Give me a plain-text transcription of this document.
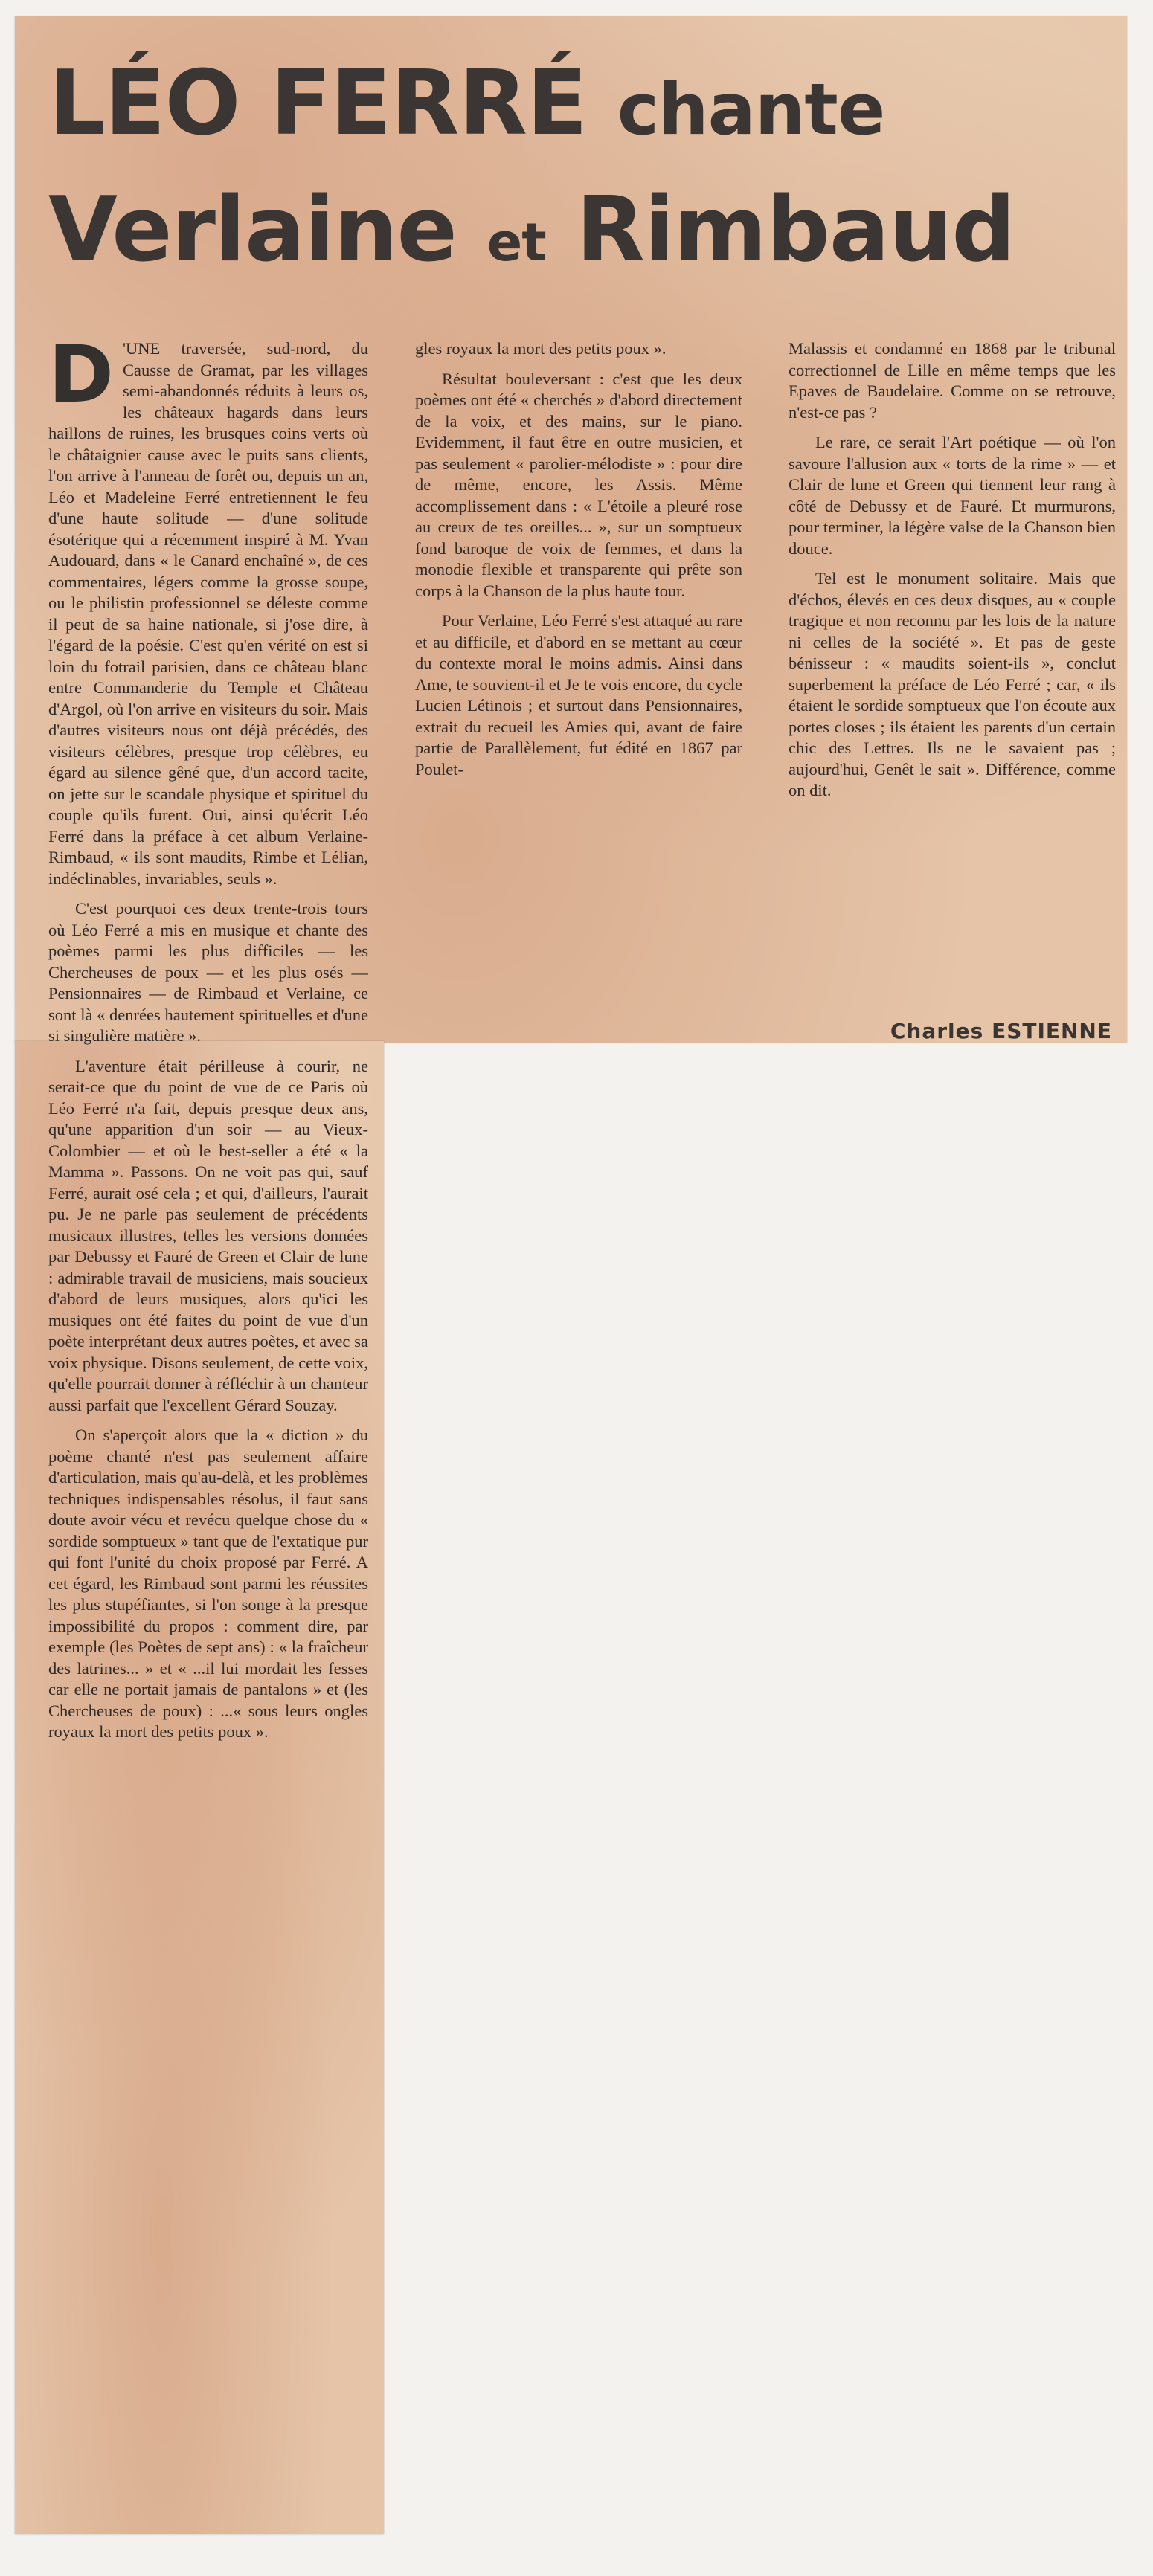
LÉO FERRÉ chante
Verlaine et Rimbaud

D 'UNE traversée, sud-nord, du Causse de Gramat, par les villages semi-abandonnés réduits à leurs os, les châteaux hagards dans leurs haillons de ruines, les brusques coins verts où le châtaignier cause avec le puits sans clients, l'on arrive à l'anneau de forêt ou, depuis un an, Léo et Madeleine Ferré entretiennent le feu d'une haute solitude — d'une solitude ésotérique qui a récemment inspiré à M. Yvan Audouard, dans « le Canard enchaîné », de ces commentaires, légers comme la grosse soupe, ou le philistin professionnel se déleste comme il peut de sa haine nationale, si j'ose dire, à l'égard de la poésie. C'est qu'en vérité on est si loin du fotrail parisien, dans ce château blanc entre Commanderie du Temple et Château d'Argol, où l'on arrive en visiteurs du soir. Mais d'autres visiteurs nous ont déjà précédés, des visiteurs célèbres, presque trop célèbres, eu égard au silence gêné que, d'un accord tacite, on jette sur le scandale physique et spirituel du couple qu'ils furent. Oui, ainsi qu'écrit Léo Ferré dans la préface à cet album Verlaine-Rimbaud, « ils sont maudits, Rimbe et Lélian, indéclinables, invariables, seuls ».

C'est pourquoi ces deux trente-trois tours où Léo Ferré a mis en musique et chante des poèmes parmi les plus difficiles — les Chercheuses de poux — et les plus osés — Pensionnaires — de Rimbaud et Verlaine, ce sont là « denrées hautement spirituelles et d'une si singulière matière ».

L'aventure était périlleuse à courir, ne serait-ce que du point de vue de ce Paris où Léo Ferré n'a fait, depuis presque deux ans, qu'une apparition d'un soir — au Vieux-Colombier — et où le best-seller a été « la Mamma ». Passons. On ne voit pas qui, sauf Ferré, aurait osé cela ; et qui, d'ailleurs, l'aurait pu. Je ne parle pas seulement de précédents musicaux illustres, telles les versions données par Debussy et Fauré de Green et Clair de lune : admirable travail de musiciens, mais soucieux d'abord de leurs musiques, alors qu'ici les musiques ont été faites du point de vue d'un poète interprétant deux autres poètes, et avec sa voix physique. Disons seulement, de cette voix, qu'elle pourrait donner à réfléchir à un chanteur aussi parfait que l'excellent Gérard Souzay.

On s'aperçoit alors que la « diction » du poème chanté n'est pas seulement affaire d'articulation, mais qu'au-delà, et les problèmes techniques indispensables résolus, il faut sans doute avoir vécu et revécu quelque chose du « sordide somptueux » tant que de l'extatique pur qui font l'unité du choix proposé par Ferré. A cet égard, les Rimbaud sont parmi les réussites les plus stupéfiantes, si l'on songe à la presque impossibilité du propos : comment dire, par exemple (les Poètes de sept ans) : « la fraîcheur des latrines... » et « ...il lui mordait les fesses car elle ne portait jamais de pantalons » et (les Chercheuses de poux) : ...« sous leurs ongles royaux la mort des petits poux ».

gles royaux la mort des petits poux ».

Résultat bouleversant : c'est que les deux poèmes ont été « cherchés » d'abord directement de la voix, et des mains, sur le piano. Evidemment, il faut être en outre musicien, et pas seulement « parolier-mélodiste » : pour dire de même, encore, les Assis. Même accomplissement dans : « L'étoile a pleuré rose au creux de tes oreilles... », sur un somptueux fond baroque de voix de femmes, et dans la monodie flexible et transparente qui prête son corps à la Chanson de la plus haute tour.

Pour Verlaine, Léo Ferré s'est attaqué au rare et au difficile, et d'abord en se mettant au cœur du contexte moral le moins admis. Ainsi dans Ame, te souvient-il et Je te vois encore, du cycle Lucien Létinois ; et surtout dans Pensionnaires, extrait du recueil les Amies qui, avant de faire partie de Parallèlement, fut édité en 1867 par Poulet-

Malassis et condamné en 1868 par le tribunal correctionnel de Lille en même temps que les Epaves de Baudelaire. Comme on se retrouve, n'est-ce pas ?

Le rare, ce serait l'Art poétique — où l'on savoure l'allusion aux « torts de la rime » — et Clair de lune et Green qui tiennent leur rang à côté de Debussy et de Fauré. Et murmurons, pour terminer, la légère valse de la Chanson bien douce.

Tel est le monument solitaire. Mais que d'échos, élevés en ces deux disques, au « couple tragique et non reconnu par les lois de la nature ni celles de la société ». Et pas de geste bénisseur : « maudits soient-ils », conclut superbement la préface de Léo Ferré ; car, « ils étaient le sordide somptueux que l'on écoute aux portes closes ; ils étaient les parents d'un certain chic des Lettres. Ils ne le savaient pas ; aujourd'hui, Genêt le sait ». Différence, comme on dit.

Charles ESTIENNE
